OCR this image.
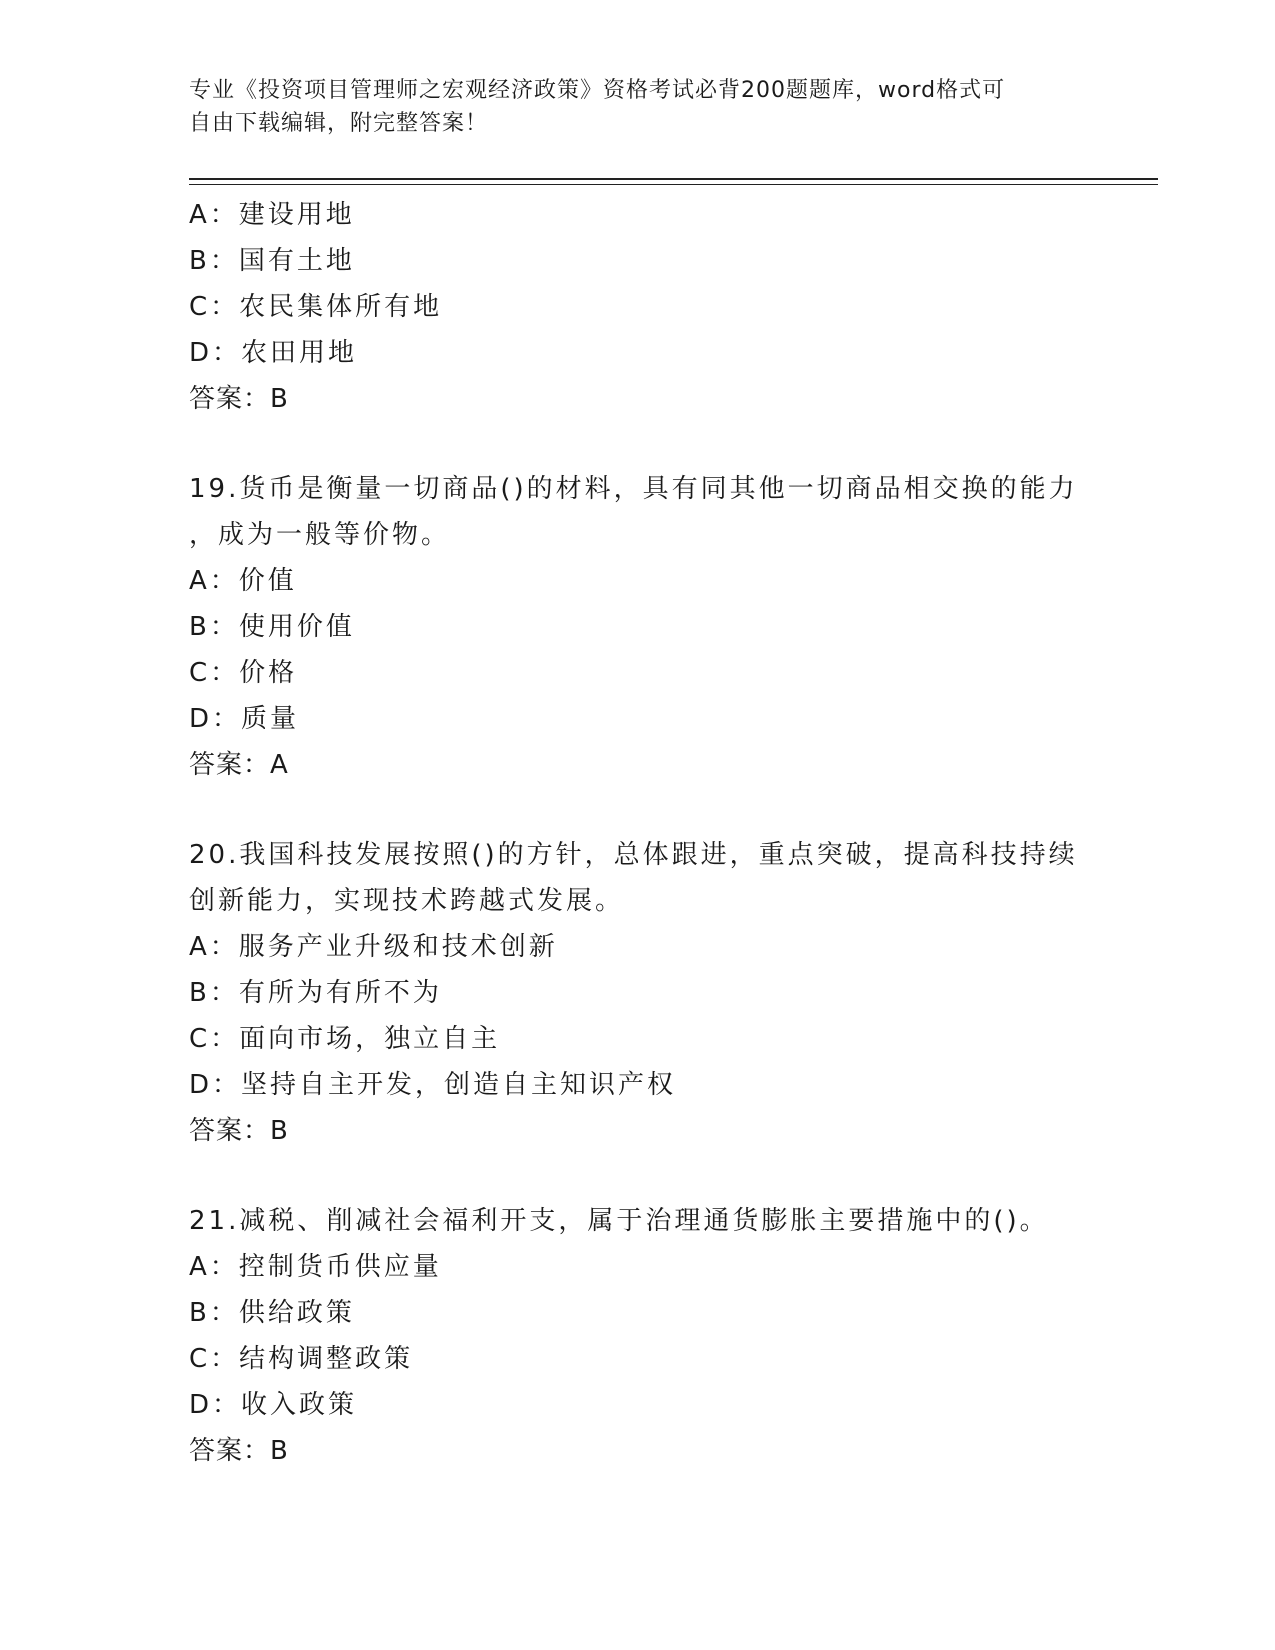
专业《投资项目管理师之宏观经济政策》资格考试必背200题题库，word格式可
自由下载编辑，附完整答案！
A：建设用地
B：国有土地
C：农民集体所有地
D：农田用地
答案：B
19.货币是衡量一切商品()的材料，具有同其他一切商品相交换的能力
，成为一般等价物。
A：价值
B：使用价值
C：价格
D：质量
答案：A
20.我国科技发展按照()的方针，总体跟进，重点突破，提高科技持续
创新能力，实现技术跨越式发展。
A：服务产业升级和技术创新
B：有所为有所不为
C：面向市场，独立自主
D：坚持自主开发，创造自主知识产权
答案：B
21.减税、削减社会福利开支，属于治理通货膨胀主要措施中的()。
A：控制货币供应量
B：供给政策
C：结构调整政策
D：收入政策
答案：B
